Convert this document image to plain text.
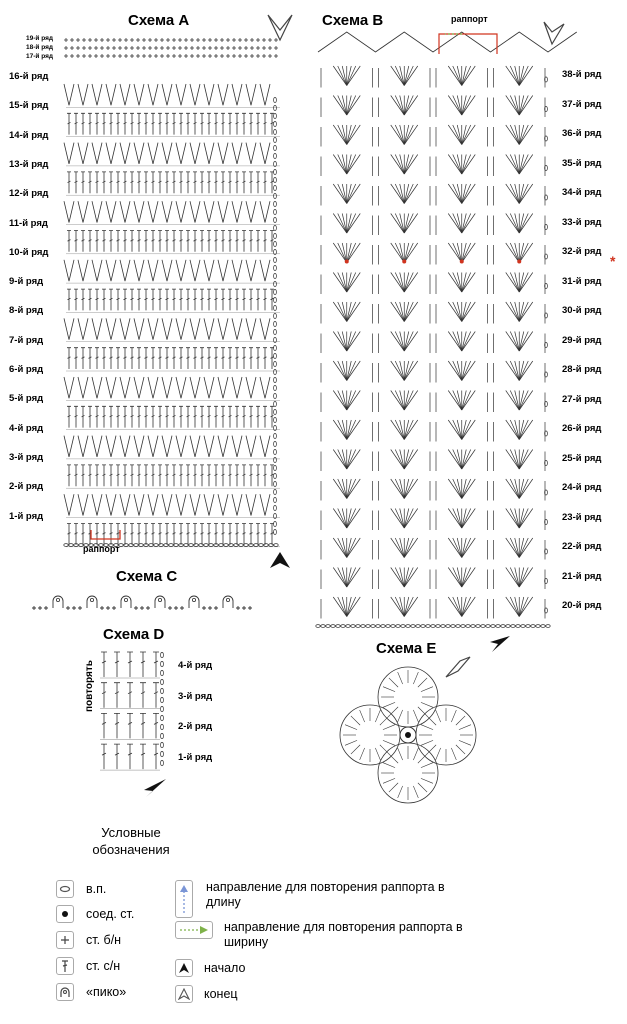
Схема А
19-й ряд
18-й ряд
17-й ряд
16-й ряд
15-й ряд
14-й ряд
13-й ряд
12-й ряд
11-й ряд
10-й ряд
9-й ряд
8-й ряд
7-й ряд
6-й ряд
5-й ряд
4-й ряд
3-й ряд
2-й ряд
1-й ряд
раппорт
Схема B	раппорт
38-й ряд
37-й ряд
36-й ряд
35-й ряд
34-й ряд
33-й ряд
32-й ряд
31-й ряд
30-й ряд
29-й ряд
28-й ряд
27-й ряд
26-й ряд
25-й ряд
24-й ряд
23-й ряд
22-й ряд
21-й ряд
20-й ряд
*
Схема С
Схема D
повторять	4-й ряд
3-й ряд
2-й ряд
1-й ряд
Схема Е
Условные обозначения
в.п.
соед. ст.
ст. б/н
ст. с/н
«пико»
направление для повторения раппорта в длину
направление для повторения раппорта в ширину
начало
конец
